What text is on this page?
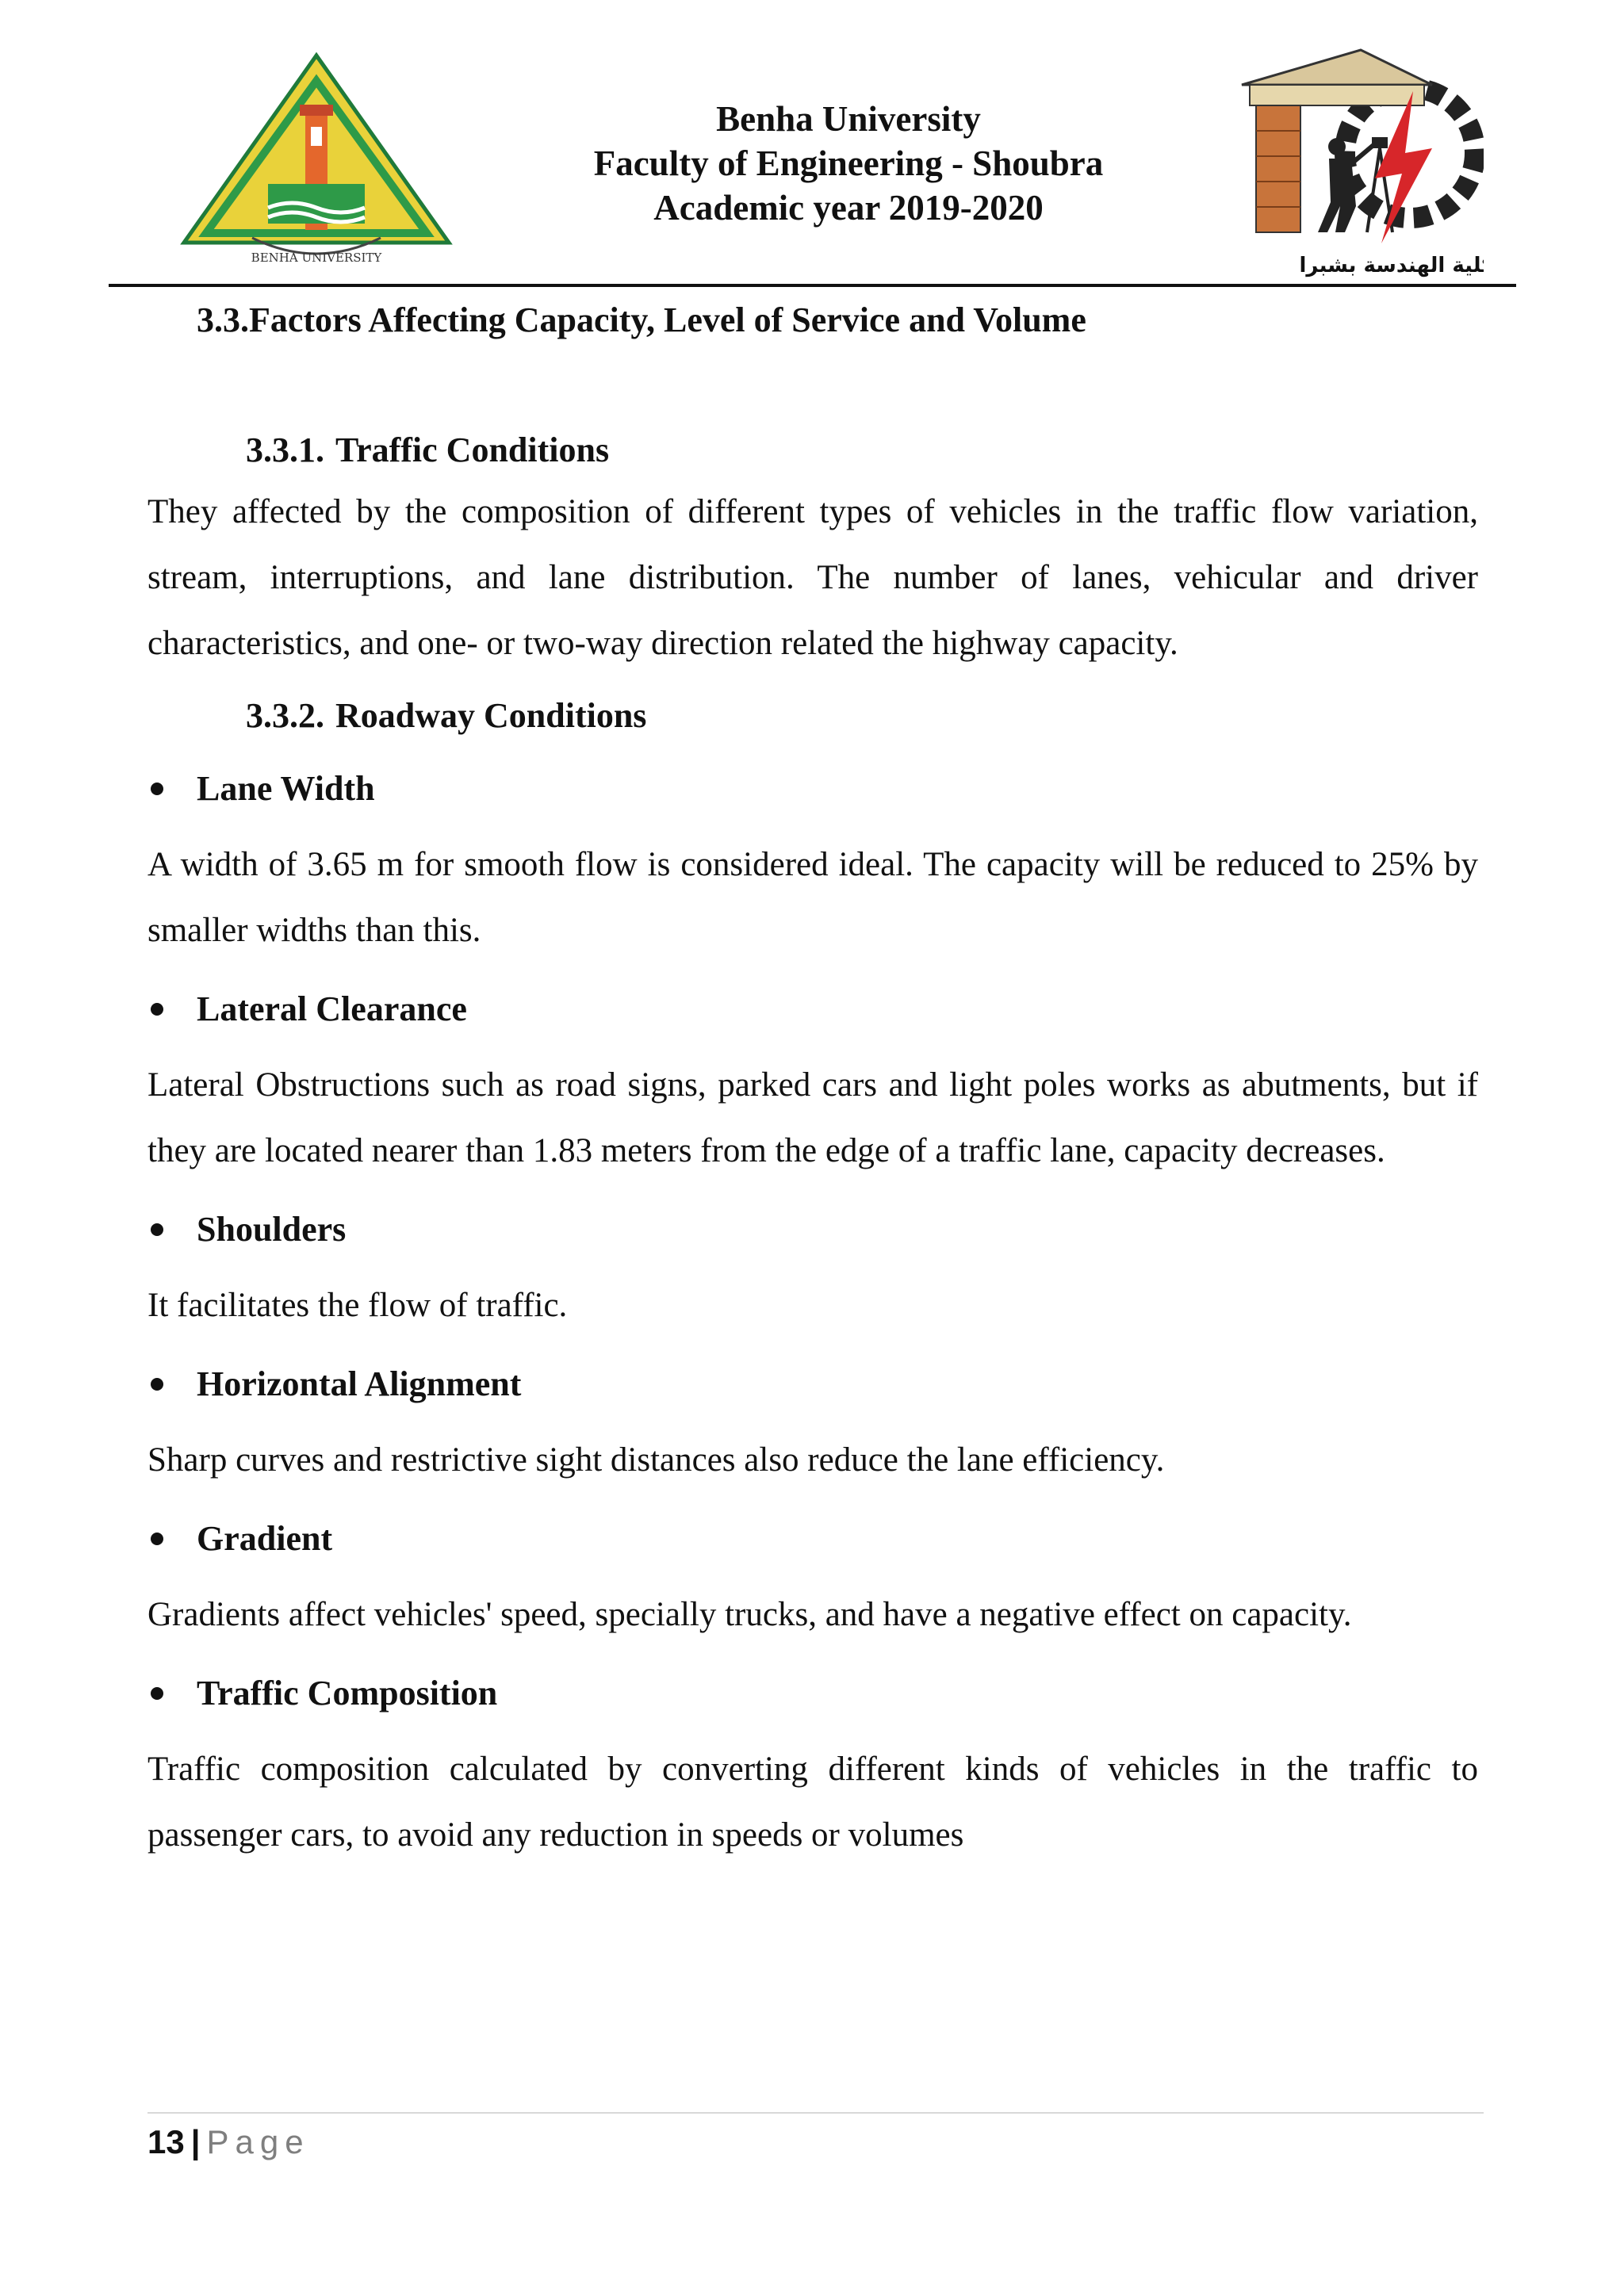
BENHA UNIVERSITY
Benha University
Faculty of Engineering - Shoubra
Academic year 2019-2020
كلية الهندسة بشبرا
3.3.Factors Affecting Capacity, Level of Service and Volume
3.3.1. Traffic Conditions

They affected by the composition of different types of vehicles in the traffic flow variation, stream, interruptions, and lane distribution. The number of lanes, vehicular and driver characteristics, and one- or two-way direction related the highway capacity.

3.3.2. Roadway Conditions
Lane Width

A width of 3.65 m for smooth flow is considered ideal. The capacity will be reduced to 25% by smaller widths than this.

Lateral Clearance

Lateral Obstructions such as road signs, parked cars and light poles works as abutments, but if they are located nearer than 1.83 meters from the edge of a traffic lane, capacity decreases.

Shoulders

It facilitates the flow of traffic.

Horizontal Alignment

Sharp curves and restrictive sight distances also reduce the lane efficiency.

Gradient

Gradients affect vehicles' speed, specially trucks, and have a negative effect on capacity.

Traffic Composition

Traffic composition calculated by converting different kinds of vehicles in the traffic to passenger cars, to avoid any reduction in speeds or volumes

13 | Page
